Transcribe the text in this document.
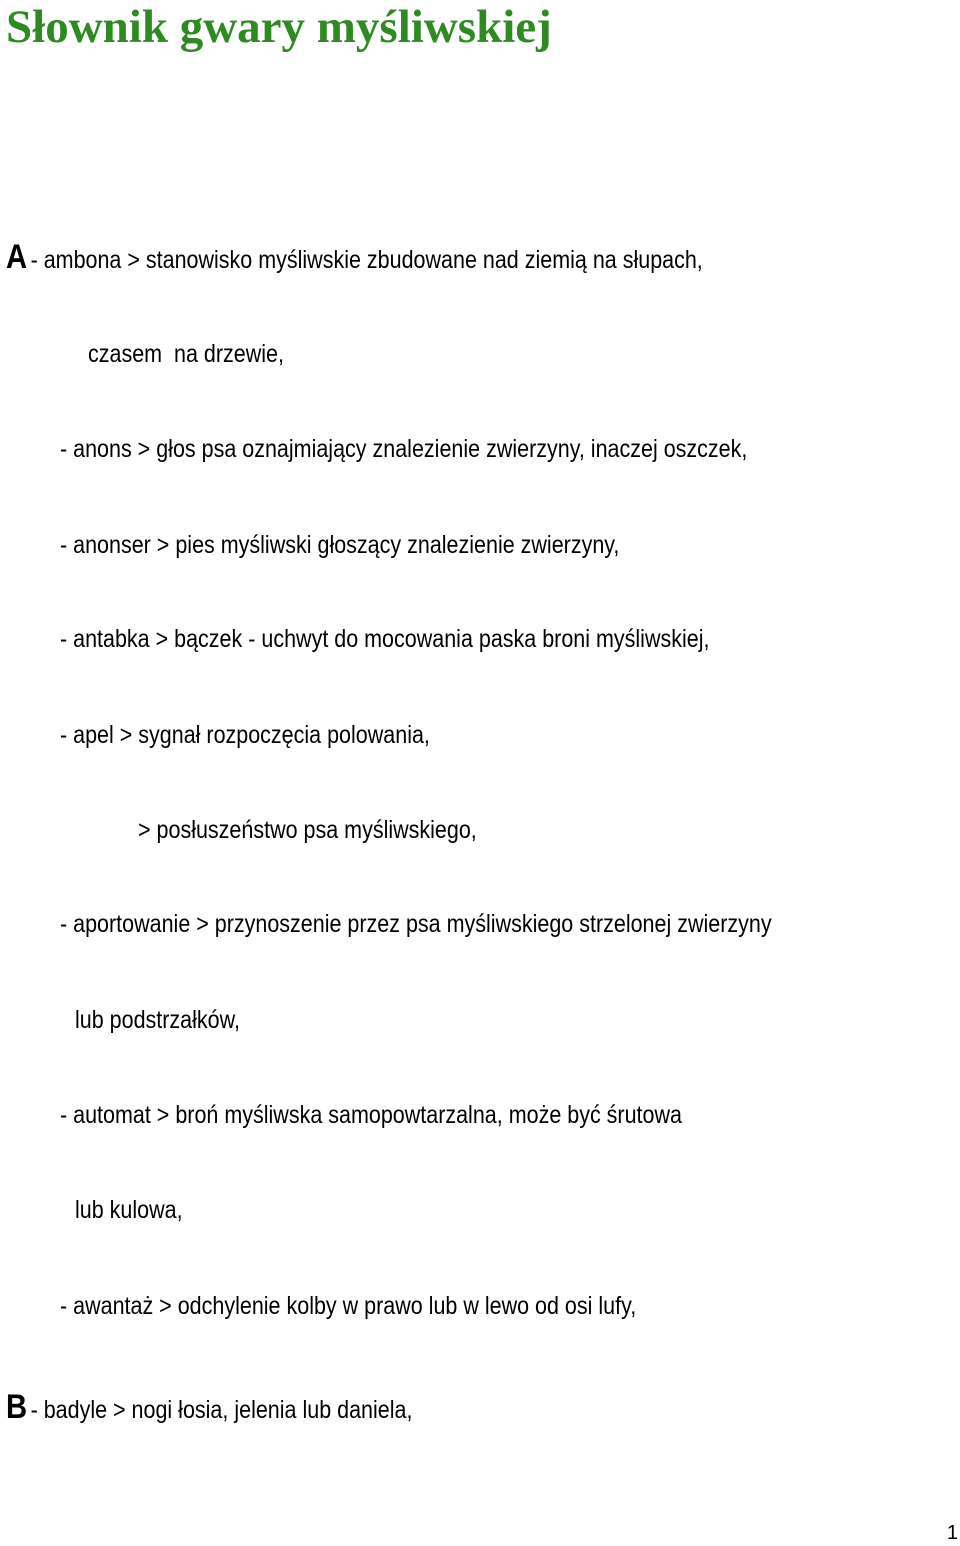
Słownik gwary myśliwskiej
A - ambona > stanowisko myśliwskie zbudowane nad ziemią na słupach,
czasem  na drzewie,
- anons > głos psa oznajmiający znalezienie zwierzyny, inaczej oszczek,
- anonser > pies myśliwski głoszący znalezienie zwierzyny,
- antabka > bączek - uchwyt do mocowania paska broni myśliwskiej,
- apel > sygnał rozpoczęcia polowania,
> posłuszeństwo psa myśliwskiego,
- aportowanie > przynoszenie przez psa myśliwskiego strzelonej zwierzyny
lub podstrzałków,
- automat > broń myśliwska samopowtarzalna, może być śrutowa
lub kulowa,
- awantaż > odchylenie kolby w prawo lub w lewo od osi lufy,
B - badyle > nogi łosia, jelenia lub daniela,
1
